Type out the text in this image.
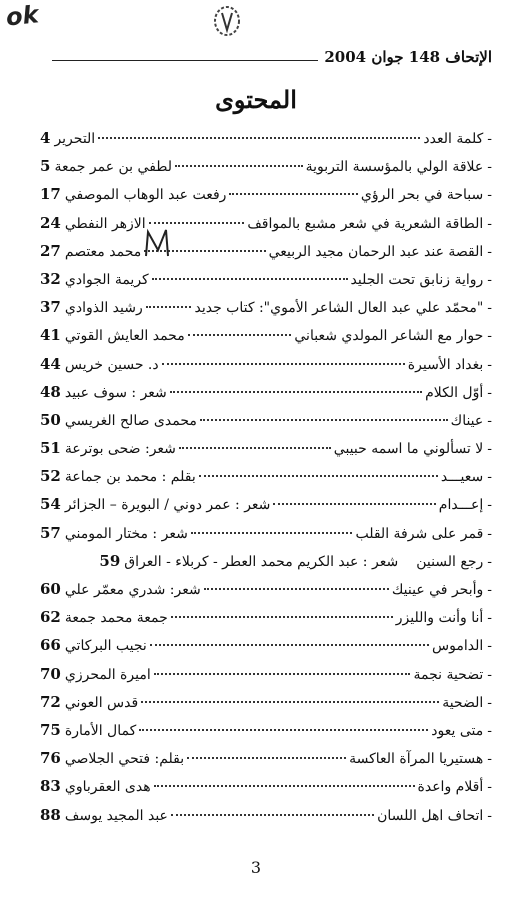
ok
الإتحاف 148 جوان 2004
المحتوى
-
كلمة العدد
التحرير
4
-
علاقة الولي بالمؤسسة التربوية
لطفي بن عمر جمعة
5
-
سباحة في بحر الرؤي
رفعت عبد الوهاب الموصفي
17
-
الطاقة الشعرية في شعر مشبع بالمواقف
الازهر النفطي
24
-
القصة عند عبد الرحمان مجيد الربيعي
محمد معتصم
27
-
رواية زنابق تحت الجليد
كريمة الجوادي
32
-
"محمّد علي عبد العال الشاعر الأموي": كتاب جديد
رشيد الذوادي
37
-
حوار مع الشاعر المولدي شعباني
محمد العايش القوتي
41
-
بغداد الأسيرة
د. حسين خريس
44
-
أوّل الكلام
شعر : سوف عبيد
48
-
عيناك
محمدى صالح الغريسي
50
-
لا تسألوني ما اسمه حبيبي
شعر: ضحى بوترعة
51
-
سعيـــد
بقلم : محمد بن جماعة
52
-
إعـــدام
شعر : عمر دوني / البويرة – الجزائر
54
-
قمر على شرفة القلب
شعر : مختار المومني
57
-
رجع السنين
شعر : عبد الكريم محمد العطر - كربلاء - العراق
59
-
وأبحر في عينيك
شعر: شدري معمّر علي
60
-
أنا وأنت والليزر
جمعة محمد جمعة
62
-
الداموس
نجيب البركاتي
66
-
تضحية نجمة
اميرة المحرزي
70
-
الضحية
قدس العوني
72
-
متى يعود
كمال الأمارة
75
-
هستيريا المرآة العاكسة
بقلم: فتحي الجلاصي
76
-
أقلام واعدة
هدى العقرباوي
83
-
اتحاف اهل اللسان
عبد المجيد يوسف
88
3
